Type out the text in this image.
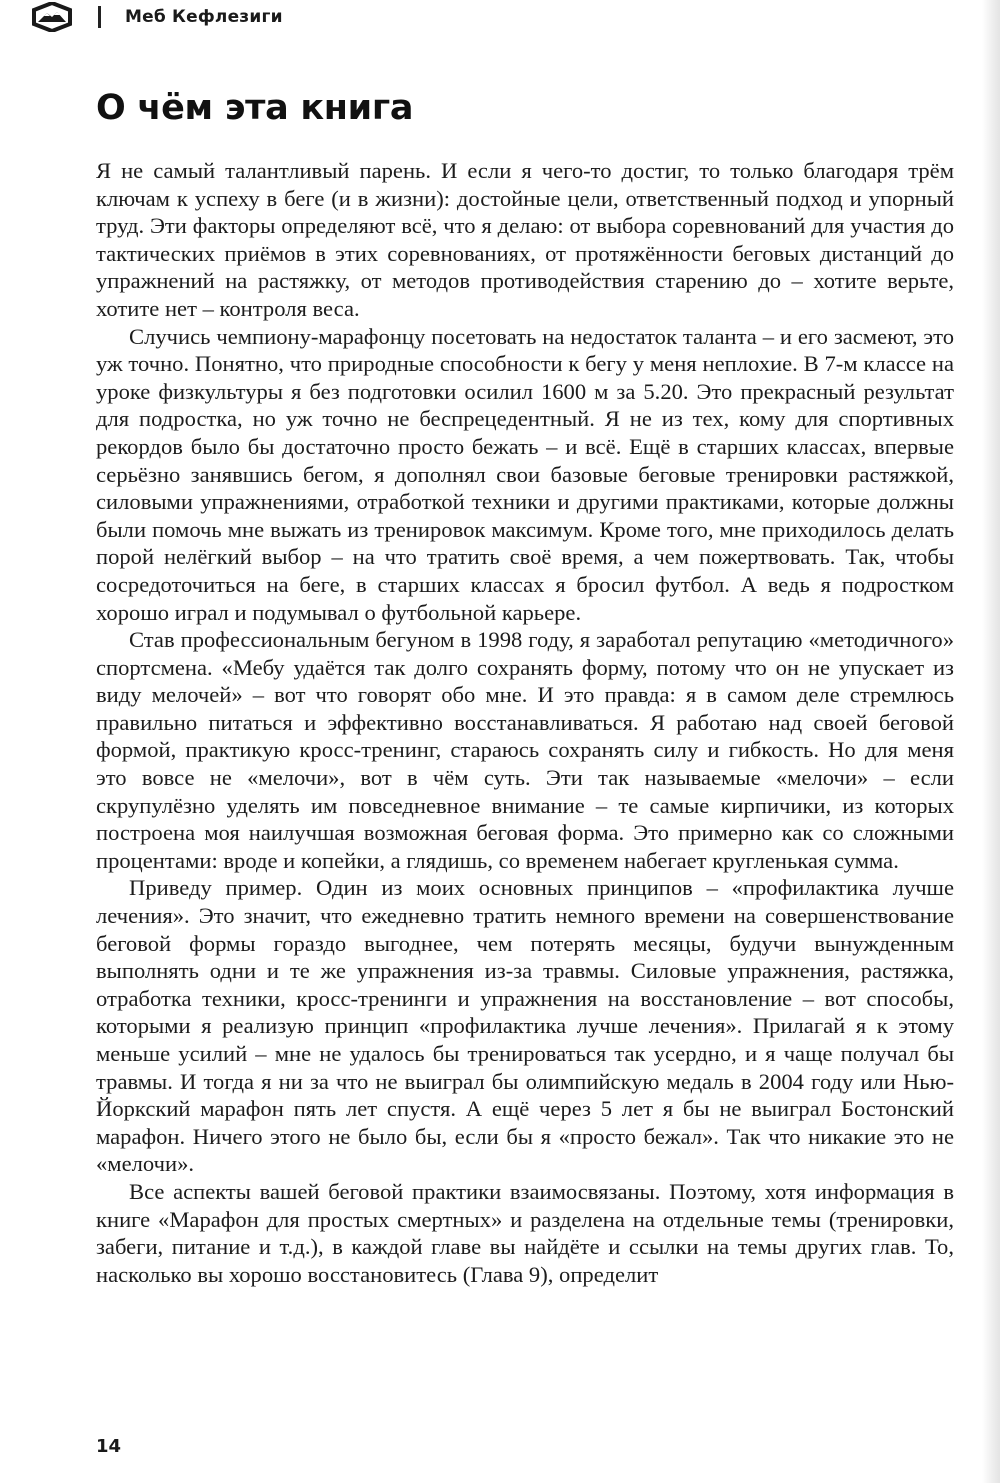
Меб Кефлезиги
О чём эта книга

Я не самый талантливый парень. И если я чего-то достиг, то только благодаря трём ключам к успеху в беге (и в жизни): достойные цели, ответственный подход и упорный труд. Эти факторы определяют всё, что я делаю: от выбора соревнований для участия до тактических приёмов в этих соревнованиях, от протяжённости беговых дистанций до упражнений на растяжку, от методов противодействия старению до – хотите верьте, хотите нет – контроля веса.

Случись чемпиону-марафонцу посетовать на недостаток таланта – и его засмеют, это уж точно. Понятно, что природные способности к бегу у меня неплохие. В 7-м классе на уроке физкультуры я без подготовки осилил 1600 м за 5.20. Это прекрасный результат для подростка, но уж точно не беспрецедентный. Я не из тех, кому для спортивных рекордов было бы достаточно просто бежать – и всё. Ещё в старших классах, впервые серьёзно занявшись бегом, я дополнял свои базовые беговые тренировки растяжкой, силовыми упражнениями, отработкой техники и другими практиками, которые должны были помочь мне выжать из тренировок максимум. Кроме того, мне приходилось делать порой нелёгкий выбор – на что тратить своё время, а чем пожертвовать. Так, чтобы сосредоточиться на беге, в старших классах я бросил футбол. А ведь я подростком хорошо играл и подумывал о футбольной карьере.

Став профессиональным бегуном в 1998 году, я заработал репутацию «методичного» спортсмена. «Мебу удаётся так долго сохранять форму, потому что он не упускает из виду мелочей» – вот что говорят обо мне. И это правда: я в самом деле стремлюсь правильно питаться и эффективно восстанавливаться. Я работаю над своей беговой формой, практикую кросс-тренинг, стараюсь сохранять силу и гибкость. Но для меня это вовсе не «мелочи», вот в чём суть. Эти так называемые «мелочи» – если скрупулёзно уделять им повседневное внимание – те самые кирпичики, из которых построена моя наилучшая возможная беговая форма. Это примерно как со сложными процентами: вроде и копейки, а глядишь, со временем набегает кругленькая сумма.

Приведу пример. Один из моих основных принципов – «профилактика лучше лечения». Это значит, что ежедневно тратить немного времени на совершенствование беговой формы гораздо выгоднее, чем потерять месяцы, будучи вынужденным выполнять одни и те же упражнения из-за травмы. Силовые упражнения, растяжка, отработка техники, кросс-тренинги и упражнения на восстановление – вот способы, которыми я реализую принцип «профилактика лучше лечения». Прилагай я к этому меньше усилий – мне не удалось бы тренироваться так усердно, и я чаще получал бы травмы. И тогда я ни за что не выиграл бы олимпийскую медаль в 2004 году или Нью-Йоркский марафон пять лет спустя. А ещё через 5 лет я бы не выиграл Бостонский марафон. Ничего этого не было бы, если бы я «просто бежал». Так что никакие это не «мелочи».

Все аспекты вашей беговой практики взаимосвязаны. Поэтому, хотя информация в книге «Марафон для простых смертных» и разделена на отдельные темы (тренировки, забеги, питание и т.д.), в каждой главе вы найдёте и ссылки на темы других глав. То, насколько вы хорошо восстановитесь (Глава 9), определит

14
